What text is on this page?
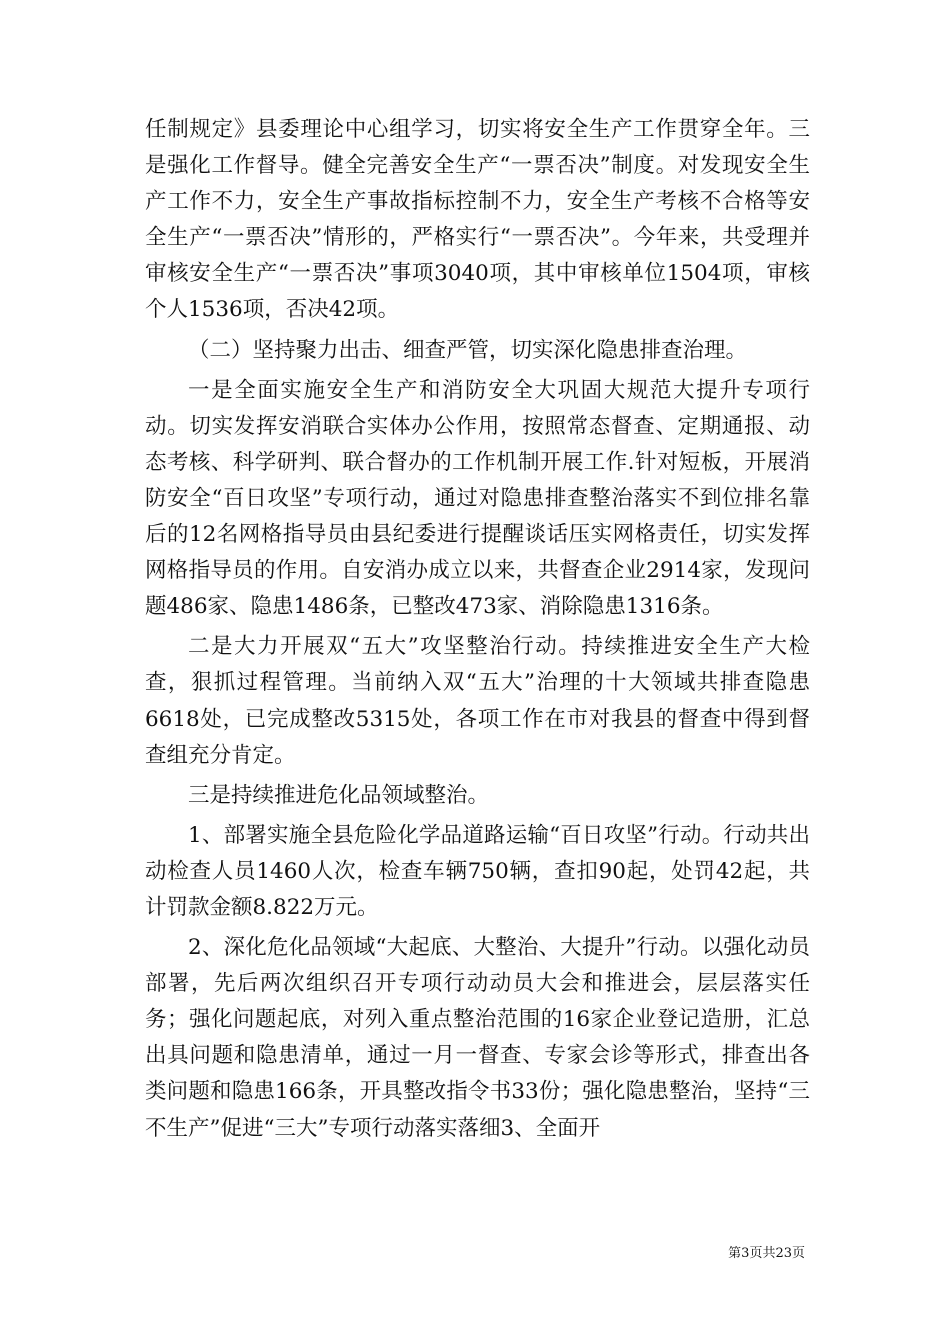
任制规定》县委理论中心组学习，切实将安全生产工作贯穿全年。三是强化工作督导。健全完善安全生产“一票否决”制度。对发现安全生产工作不力，安全生产事故指标控制不力，安全生产考核不合格等安全生产“一票否决”情形的，严格实行“一票否决”。今年来，共受理并审核安全生产“一票否决”事项3040项，其中审核单位1504项，审核个人1536项，否决42项。

（二）坚持聚力出击、细查严管，切实深化隐患排查治理。

一是全面实施安全生产和消防安全大巩固大规范大提升专项行动。切实发挥安消联合实体办公作用，按照常态督查、定期通报、动态考核、科学研判、联合督办的工作机制开展工作.针对短板，开展消防安全“百日攻坚”专项行动，通过对隐患排查整治落实不到位排名靠后的12名网格指导员由县纪委进行提醒谈话压实网格责任，切实发挥网格指导员的作用。自安消办成立以来，共督查企业2914家，发现问题486家、隐患1486条，已整改473家、消除隐患1316条。

二是大力开展双“五大”攻坚整治行动。持续推进安全生产大检查，狠抓过程管理。当前纳入双“五大”治理的十大领域共排查隐患6618处，已完成整改5315处，各项工作在市对我县的督查中得到督查组充分肯定。

三是持续推进危化品领域整治。

1、部署实施全县危险化学品道路运输“百日攻坚”行动。行动共出动检查人员1460人次，检查车辆750辆，查扣90起，处罚42起，共计罚款金额8.822万元。

2、深化危化品领域“大起底、大整治、大提升”行动。以强化动员部署，先后两次组织召开专项行动动员大会和推进会，层层落实任务；强化问题起底，对列入重点整治范围的16家企业登记造册，汇总出具问题和隐患清单，通过一月一督查、专家会诊等形式，排查出各类问题和隐患166条，开具整改指令书33份；强化隐患整治，坚持“三不生产”促进“三大”专项行动落实落细3、全面开

第3页共23页
